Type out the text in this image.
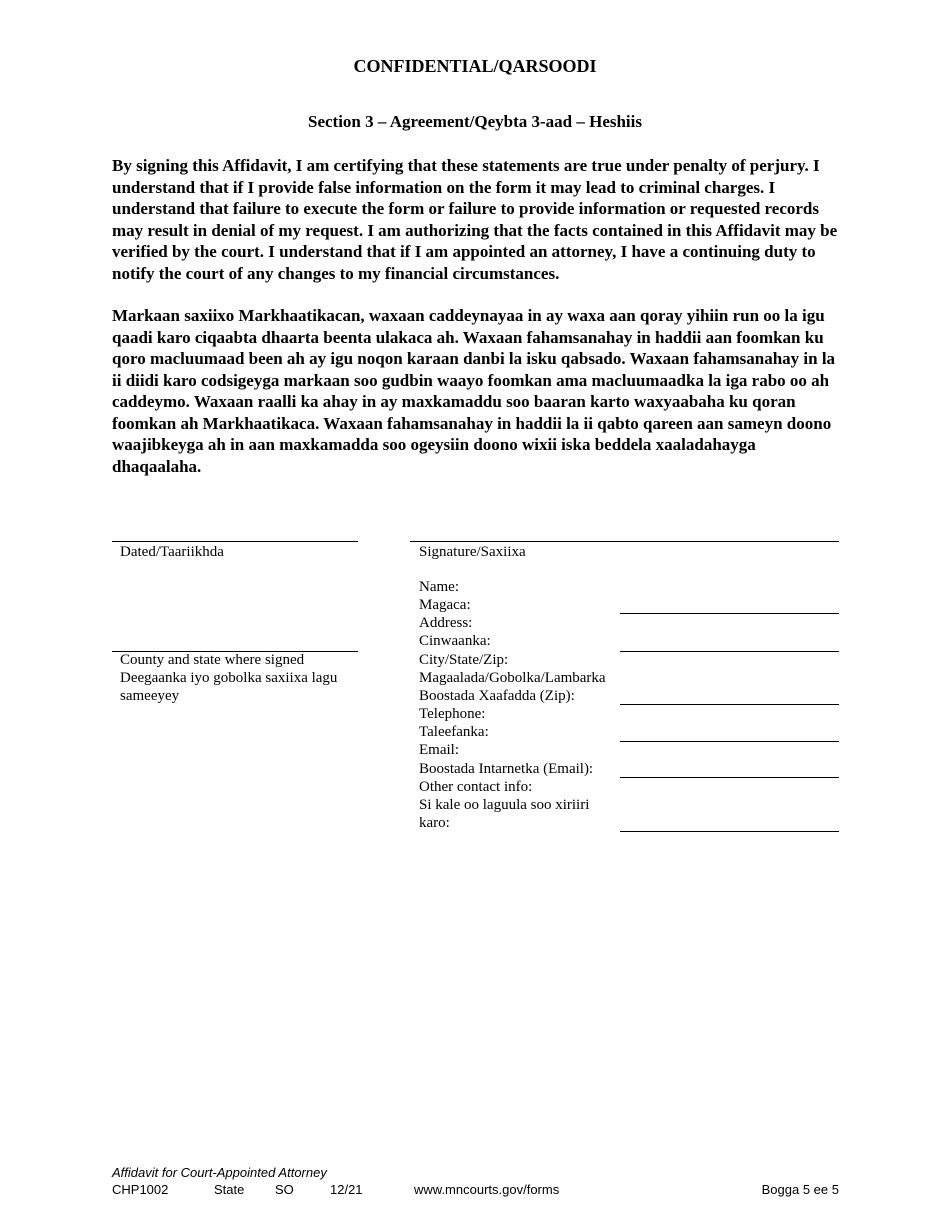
CONFIDENTIAL/QARSOODI
Section 3 – Agreement/Qeybta 3-aad – Heshiis
By signing this Affidavit, I am certifying that these statements are true under penalty of perjury. I understand that if I provide false information on the form it may lead to criminal charges. I understand that failure to execute the form or failure to provide information or requested records may result in denial of my request. I am authorizing that the facts contained in this Affidavit may be verified by the court. I understand that if I am appointed an attorney, I have a continuing duty to notify the court of any changes to my financial circumstances.
Markaan saxiixo Markhaatikacan, waxaan caddeynayaa in ay waxa aan qoray yihiin run oo la igu qaadi karo ciqaabta dhaarta beenta ulakaca ah. Waxaan fahamsanahay in haddii aan foomkan ku qoro macluumaad been ah ay igu noqon karaan danbi la isku qabsado. Waxaan fahamsanahay in la ii diidi karo codsigeyga markaan soo gudbin waayo foomkan ama macluumaadka la iga rabo oo ah caddeymo. Waxaan raalli ka ahay in ay maxkamaddu soo baaran karto waxyaabaha ku qoran foomkan ah Markhaatikaca. Waxaan fahamsanahay in haddii la ii qabto qareen aan sameyn doono waajibkeyga ah in aan maxkamadda soo ogeysiin doono wixii iska beddela xaaladahayga dhaqaalaha.
Dated/Taariikhda
County and state where signed
Deegaanka iyo gobolka saxiixa lagu sameeyey
Signature/Saxiixa
Name:
Magaca:
Address:
Cinwaanka:
City/State/Zip:
Magaalada/Gobolka/Lambarka
Boostada Xaafadda (Zip):
Telephone:
Taleefanka:
Email:
Boostada Intarnetka (Email):
Other contact info:
Si kale oo laguula soo xiriiri
karo:
Affidavit for Court-Appointed Attorney
CHP1002	State SO	12/21	www.mncourts.gov/forms	Bogga 5 ee 5
